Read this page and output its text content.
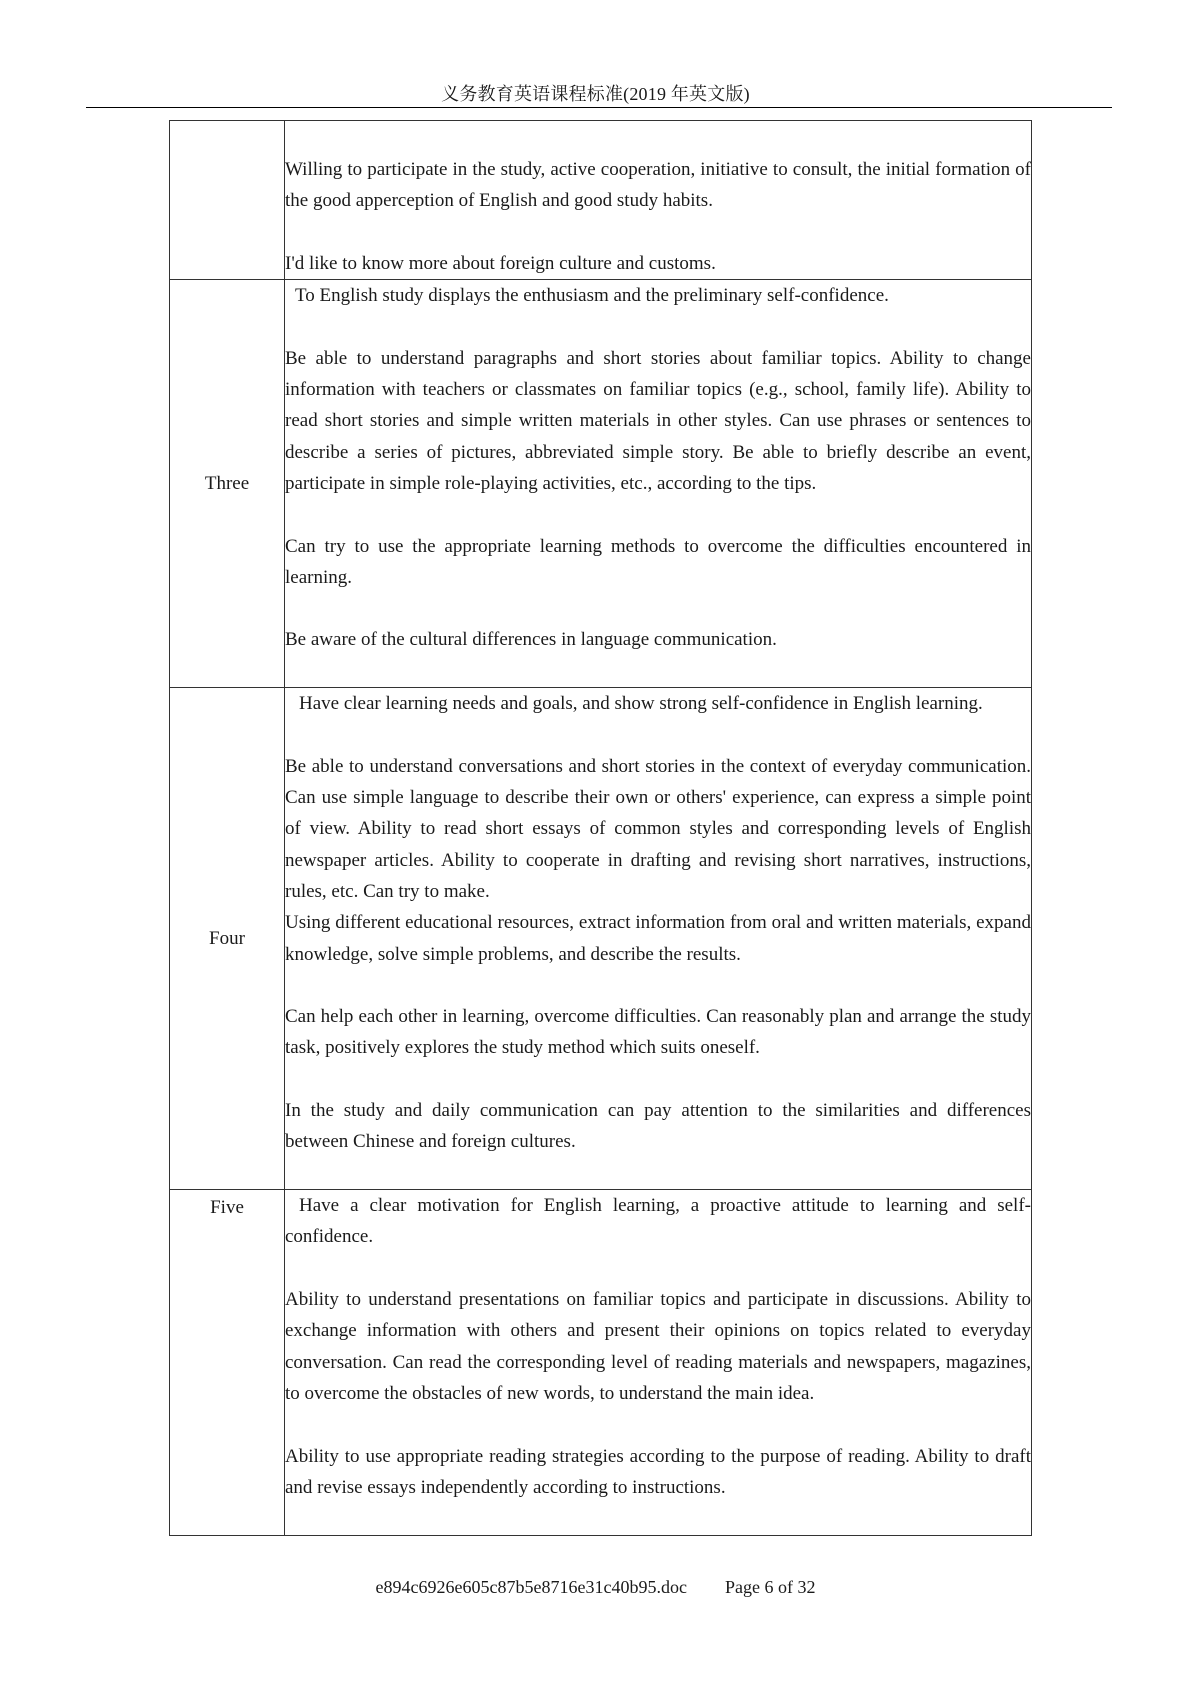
义务教育英语课程标准(2019 年英文版)

	Willing to participate in the study, active cooperation, initiative to consult, the initial formation of the good apperception of English and good study habits.

I'd like to know more about foreign culture and customs.

Three	To English study displays the enthusiasm and the preliminary self-confidence.

Be able to understand paragraphs and short stories about familiar topics. Ability to change information with teachers or classmates on familiar topics (e.g., school, family life). Ability to read short stories and simple written materials in other styles. Can use phrases or sentences to describe a series of pictures, abbreviated simple story. Be able to briefly describe an event, participate in simple role-playing activities, etc., according to the tips.

Can try to use the appropriate learning methods to overcome the difficulties encountered in learning.

Be aware of the cultural differences in language communication.

Four	Have clear learning needs and goals, and show strong self-confidence in English learning.

Be able to understand conversations and short stories in the context of everyday communication. Can use simple language to describe their own or others' experience, can express a simple point of view. Ability to read short essays of common styles and corresponding levels of English newspaper articles. Ability to cooperate in drafting and revising short narratives, instructions, rules, etc. Can try to make.

Using different educational resources, extract information from oral and written materials, expand knowledge, solve simple problems, and describe the results.

Can help each other in learning, overcome difficulties. Can reasonably plan and arrange the study task, positively explores the study method which suits oneself.

In the study and daily communication can pay attention to the similarities and differences between Chinese and foreign cultures.

Five	Have a clear motivation for English learning, a proactive attitude to learning and self-confidence.

Ability to understand presentations on familiar topics and participate in discussions. Ability to exchange information with others and present their opinions on topics related to everyday conversation. Can read the corresponding level of reading materials and newspapers, magazines, to overcome the obstacles of new words, to understand the main idea.

Ability to use appropriate reading strategies according to the purpose of reading. Ability to draft and revise essays independently according to instructions.

e894c6926e605c87b5e8716e31c40b95.doc Page 6 of 32
